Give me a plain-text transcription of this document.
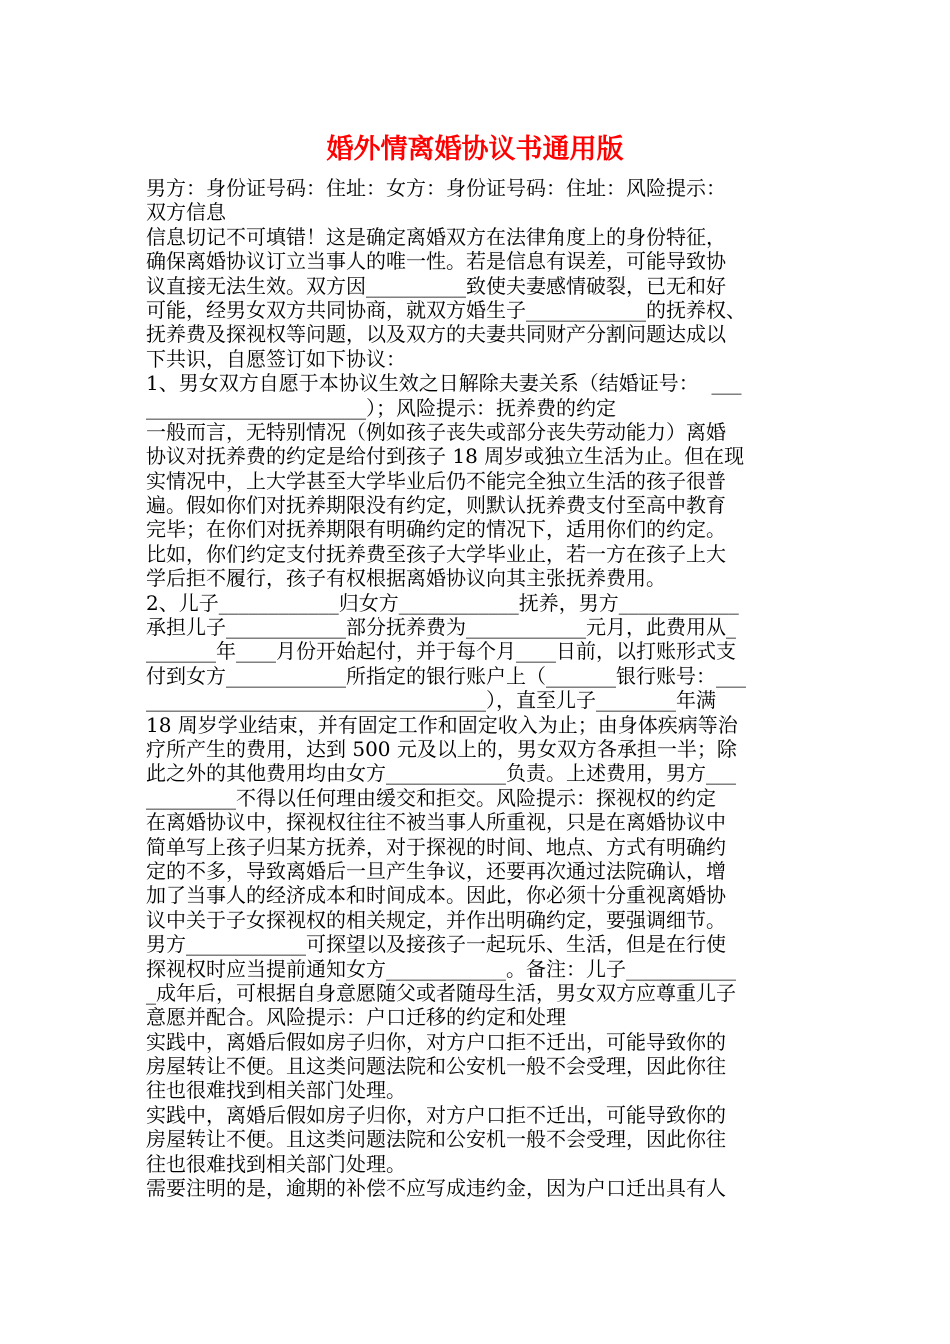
婚外情离婚协议书通用版
男方：身份证号码：住址：女方：身份证号码：住址：风险提示：
双方信息
信息切记不可填错！这是确定离婚双方在法律角度上的身份特征，
确保离婚协议订立当事人的唯一性。若是信息有误差，可能导致协
议直接无法生效。双方因__________致使夫妻感情破裂，已无和好
可能，经男女双方共同协商，就双方婚生子____________的抚养权、
抚养费及探视权等问题，以及双方的夫妻共同财产分割问题达成以
下共识，自愿签订如下协议：
1、男女双方自愿于本协议生效之日解除夫妻关系（结婚证号：  ___
______________________）；风险提示：抚养费的约定
一般而言，无特别情况（例如孩子丧失或部分丧失劳动能力）离婚
协议对抚养费的约定是给付到孩子 18 周岁或独立生活为止。但在现
实情况中，上大学甚至大学毕业后仍不能完全独立生活的孩子很普
遍。假如你们对抚养期限没有约定，则默认抚养费支付至高中教育
完毕；在你们对抚养期限有明确约定的情况下，适用你们的约定。
比如，你们约定支付抚养费至孩子大学毕业止，若一方在孩子上大
学后拒不履行，孩子有权根据离婚协议向其主张抚养费用。
2、儿子____________归女方____________抚养，男方____________
承担儿子____________部分抚养费为____________元月，此费用从_
_______年____月份开始起付，并于每个月____日前，以打账形式支
付到女方____________所指定的银行账户上（_______银行账号：___
__________________________________），直至儿子________年满
18 周岁学业结束，并有固定工作和固定收入为止；由身体疾病等治
疗所产生的费用，达到 500 元及以上的，男女双方各承担一半；除
此之外的其他费用均由女方____________负责。上述费用，男方___
_________不得以任何理由缓交和拒交。风险提示：探视权的约定
在离婚协议中，探视权往往不被当事人所重视，只是在离婚协议中
简单写上孩子归某方抚养，对于探视的时间、地点、方式有明确约
定的不多，导致离婚后一旦产生争议，还要再次通过法院确认，增
加了当事人的经济成本和时间成本。因此，你必须十分重视离婚协
议中关于子女探视权的相关规定，并作出明确约定，要强调细节。
男方____________可探望以及接孩子一起玩乐、生活，但是在行使
探视权时应当提前通知女方____________。备注：儿子___________
_成年后，可根据自身意愿随父或者随母生活，男女双方应尊重儿子
意愿并配合。风险提示：户口迁移的约定和处理
实践中，离婚后假如房子归你，对方户口拒不迁出，可能导致你的
房屋转让不便。且这类问题法院和公安机一般不会受理，因此你往
往也很难找到相关部门处理。
实践中，离婚后假如房子归你，对方户口拒不迁出，可能导致你的
房屋转让不便。且这类问题法院和公安机一般不会受理，因此你往
往也很难找到相关部门处理。
需要注明的是，逾期的补偿不应写成违约金，因为户口迁出具有人
